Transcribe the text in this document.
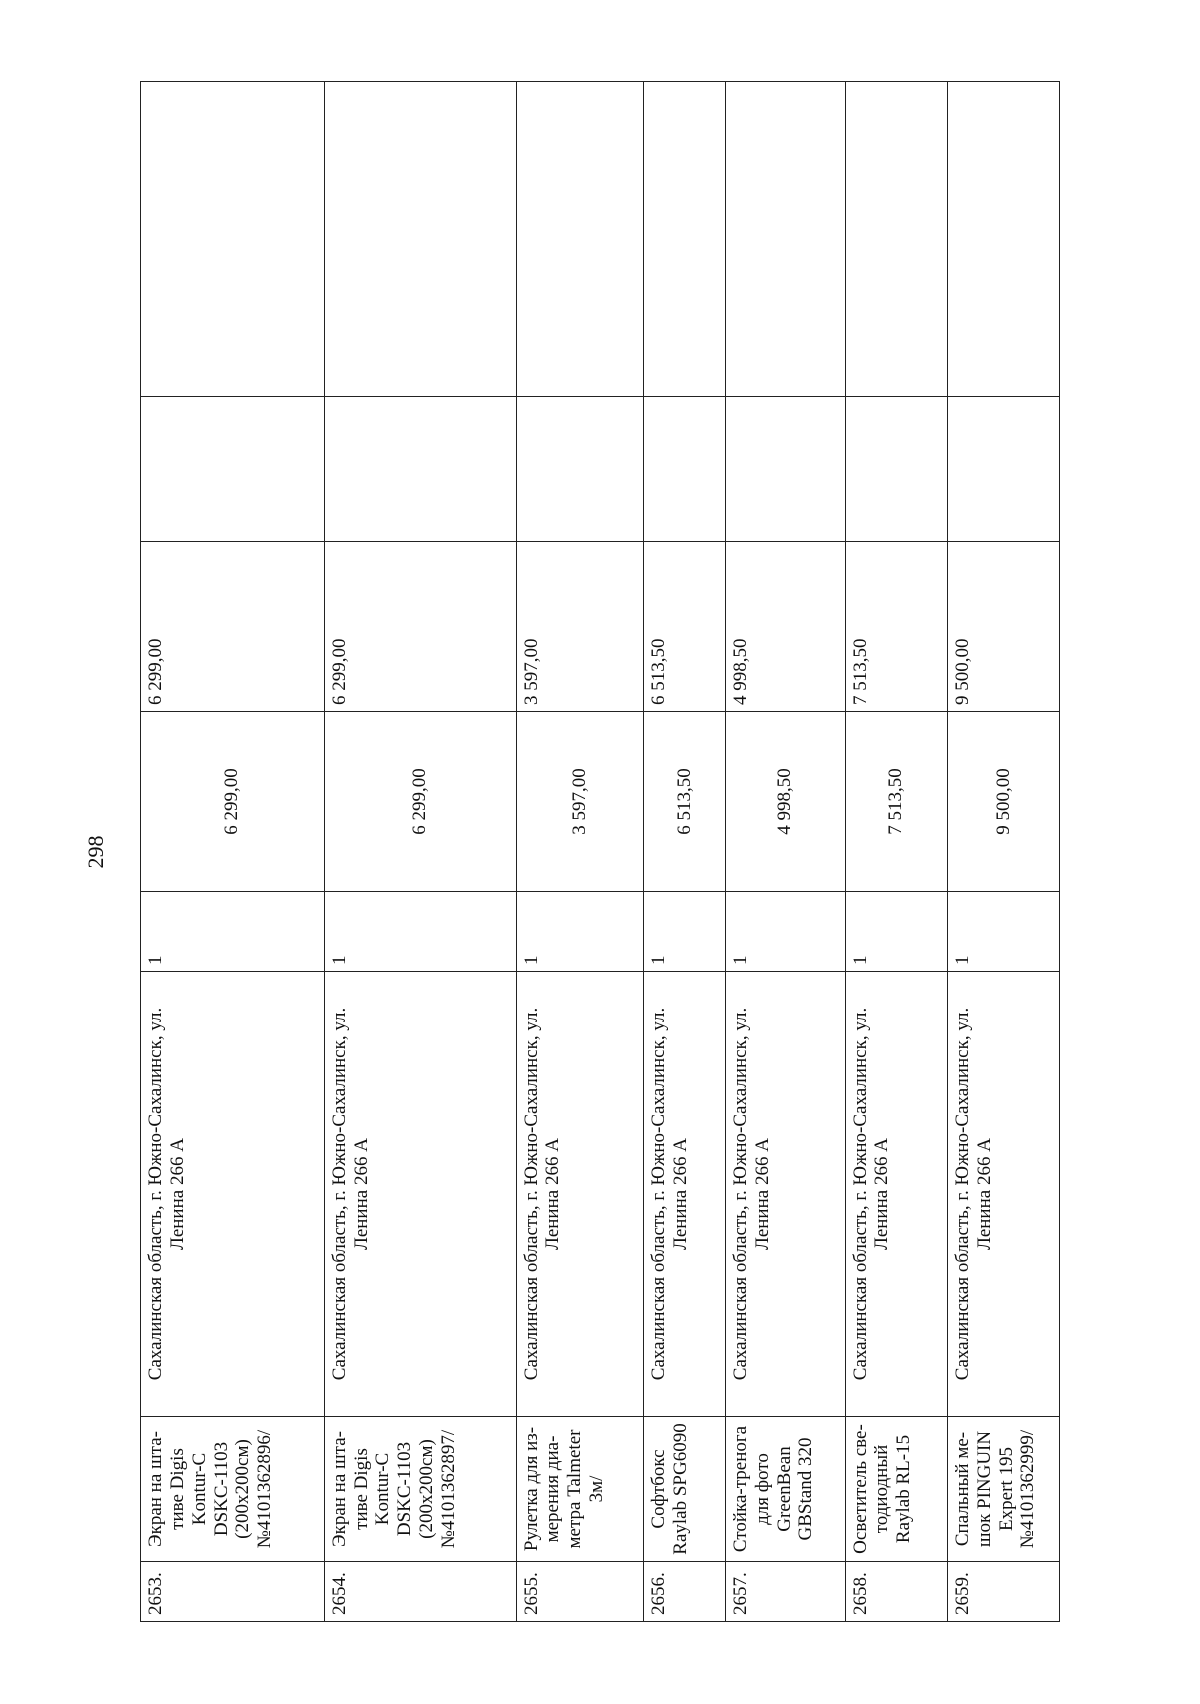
298
2653.	Экран на шта-тиве Digis Kontur-C DSKC-1103 (200x200см) №4101362896/	Сахалинская область, г. Южно-Сахалинск, ул. Ленина 266 А	1	6 299,00	6 299,00		
2654.	Экран на шта-тиве Digis Kontur-C DSKC-1103 (200x200см) №4101362897/	Сахалинская область, г. Южно-Сахалинск, ул. Ленина 266 А	1	6 299,00	6 299,00		
2655.	Рулетка для из-мерения диа-метра Talmeter 3м/	Сахалинская область, г. Южно-Сахалинск, ул. Ленина 266 А	1	3 597,00	3 597,00		
2656.	Софтбокс Raylab SPG6090	Сахалинская область, г. Южно-Сахалинск, ул. Ленина 266 А	1	6 513,50	6 513,50		
2657.	Стойка-тренога для фото GreenBean GBStand 320	Сахалинская область, г. Южно-Сахалинск, ул. Ленина 266 А	1	4 998,50	4 998,50		
2658.	Осветитель све-тодиодный Raylab RL-15	Сахалинская область, г. Южно-Сахалинск, ул. Ленина 266 А	1	7 513,50	7 513,50		
2659.	Спальный ме-шок PINGUIN Expert 195 №4101362999/	Сахалинская область, г. Южно-Сахалинск, ул. Ленина 266 А	1	9 500,00	9 500,00		
